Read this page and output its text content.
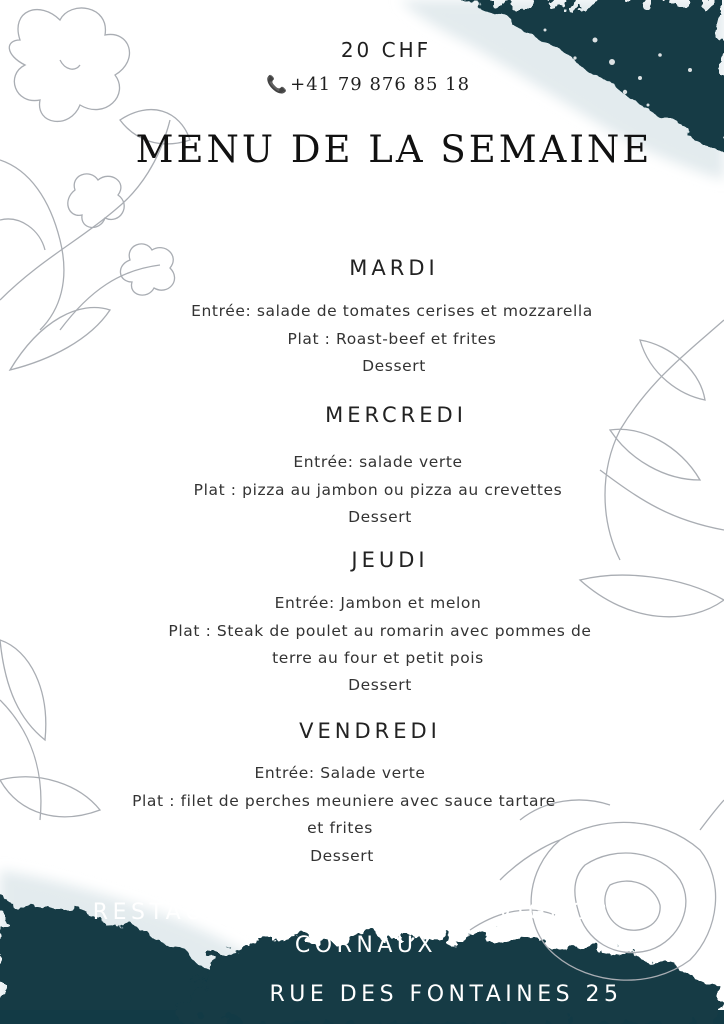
20 CHF
📞 +41 79 876 85 18
MENU DE LA SEMAINE
MARDI
Entrée: salade de tomates cerises et mozzarella
Plat : Roast-beef et frites
Dessert
MERCREDI
Entrée: salade verte
Plat : pizza au jambon ou pizza au crevettes
Dessert
JEUDI
Entrée: Jambon et melon
Plat : Steak de poulet au romarin avec pommes de
terre au four et petit pois
Dessert
VENDREDI
Entrée: Salade verte
Plat : filet de perches meuniere avec sauce tartare
et frites
Dessert
RESTAURANT AUBERGE DU VIGNOBLE
CORNAUX
RUE DES FONTAINES 25
